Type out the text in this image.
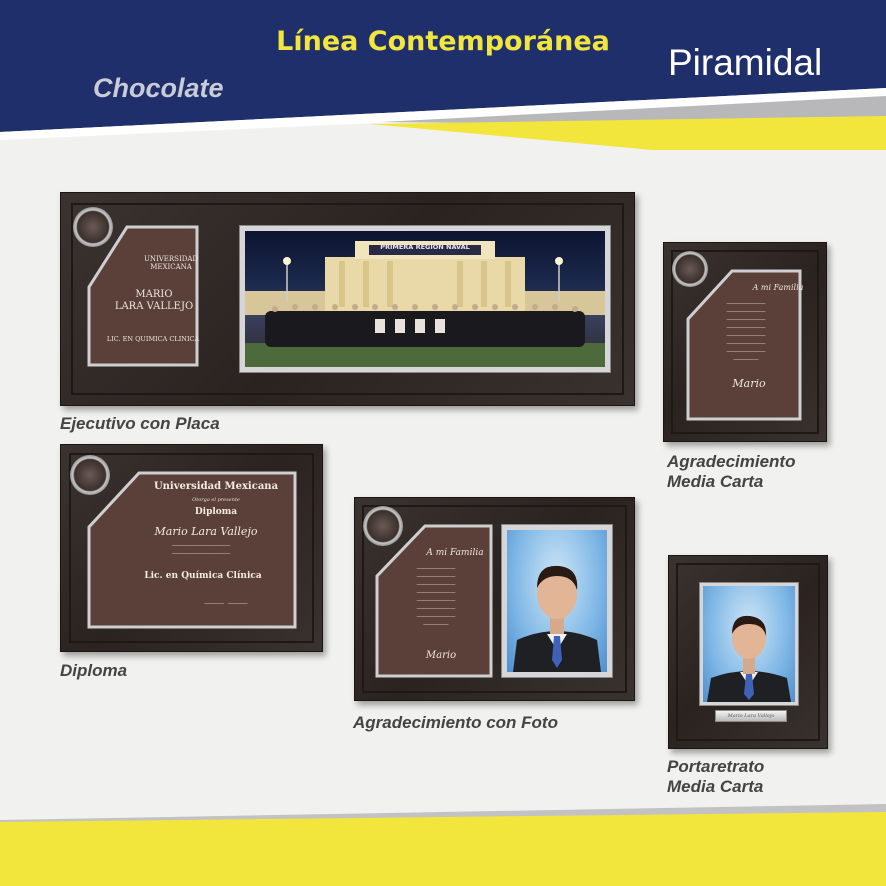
Línea Contemporánea
Chocolate
Piramidal
UNIVERSIDAD
MEXICANA
MARIO
LARA VALLEJO
LIC. EN QUIMICA CLINICA
PRIMERA REGION NAVAL
Ejecutivo con Placa
A mi Familia
──────────────
──────────────
──────────────
──────────────
──────────────
──────────────
──────────────
─────────
Mario
Agradecimiento
Media Carta
Universidad Mexicana
Otorga el presente
Diploma
Mario Lara Vallejo
─────────────────────
─────────────────────
Lic. en Química Clínica
───────   ───────
Diploma
A mi Familia
──────────────
──────────────
──────────────
──────────────
──────────────
──────────────
──────────────
─────────
Mario
Agradecimiento con Foto	Mario Lara Vallejo
Portaretrato
Media Carta
